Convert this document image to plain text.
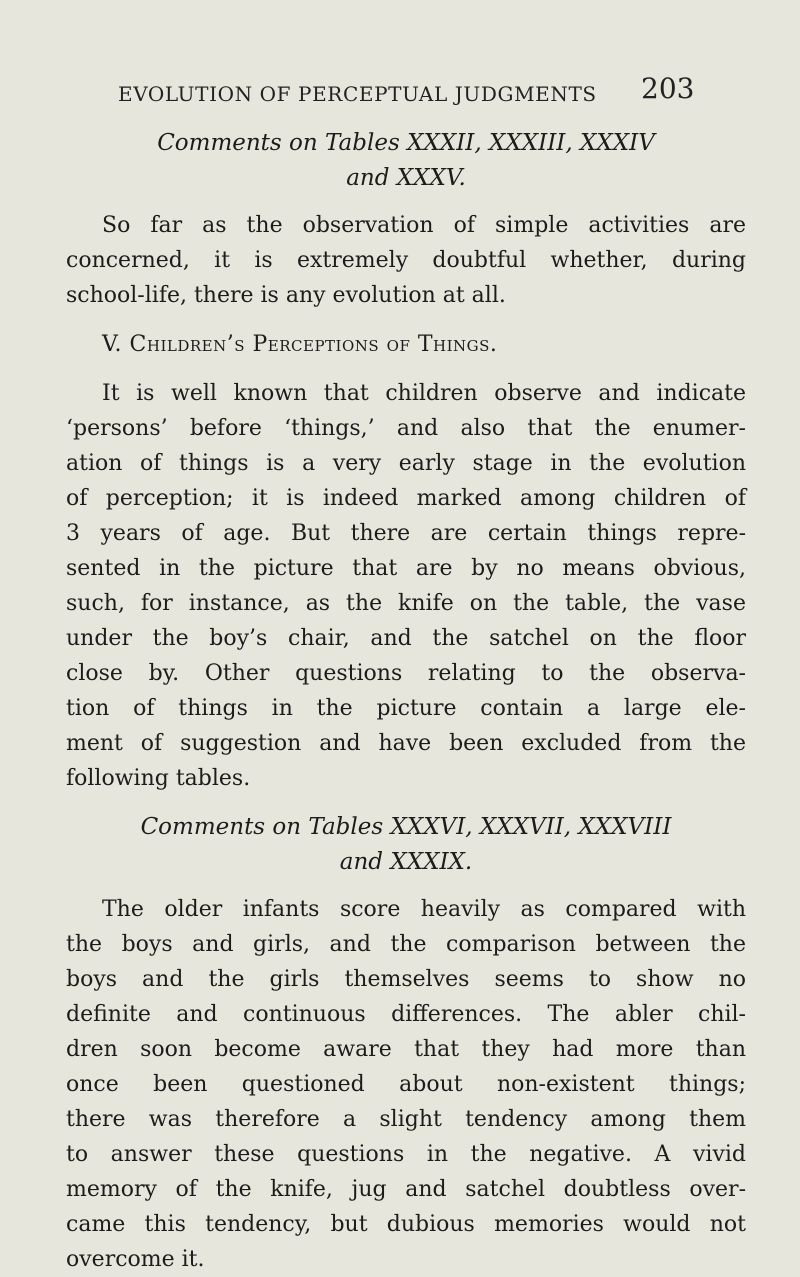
EVOLUTION OF PERCEPTUAL JUDGMENTS	203
Comments on Tables XXXII, XXXIII, XXXIV
and XXXV.

So far as the observation of simple activities are
concerned, it is extremely doubtful whether, during
school-life, there is any evolution at all.

V. Children’s Perceptions of Things.

It is well known that children observe and indicate
‘persons’ before ‘things,’ and also that the enumer-
ation of things is a very early stage in the evolution
of perception; it is indeed marked among children of
3 years of age. But there are certain things repre-
sented in the picture that are by no means obvious,
such, for instance, as the knife on the table, the vase
under the boy’s chair, and the satchel on the floor
close by. Other questions relating to the observa-
tion of things in the picture contain a large ele-
ment of suggestion and have been excluded from the
following tables.

Comments on Tables XXXVI, XXXVII, XXXVIII
and XXXIX.

The older infants score heavily as compared with
the boys and girls, and the comparison between the
boys and the girls themselves seems to show no
definite and continuous differences. The abler chil-
dren soon become aware that they had more than
once been questioned about non-existent things;
there was therefore a slight tendency among them
to answer these questions in the negative. A vivid
memory of the knife, jug and satchel doubtless over-
came this tendency, but dubious memories would not
overcome it.
